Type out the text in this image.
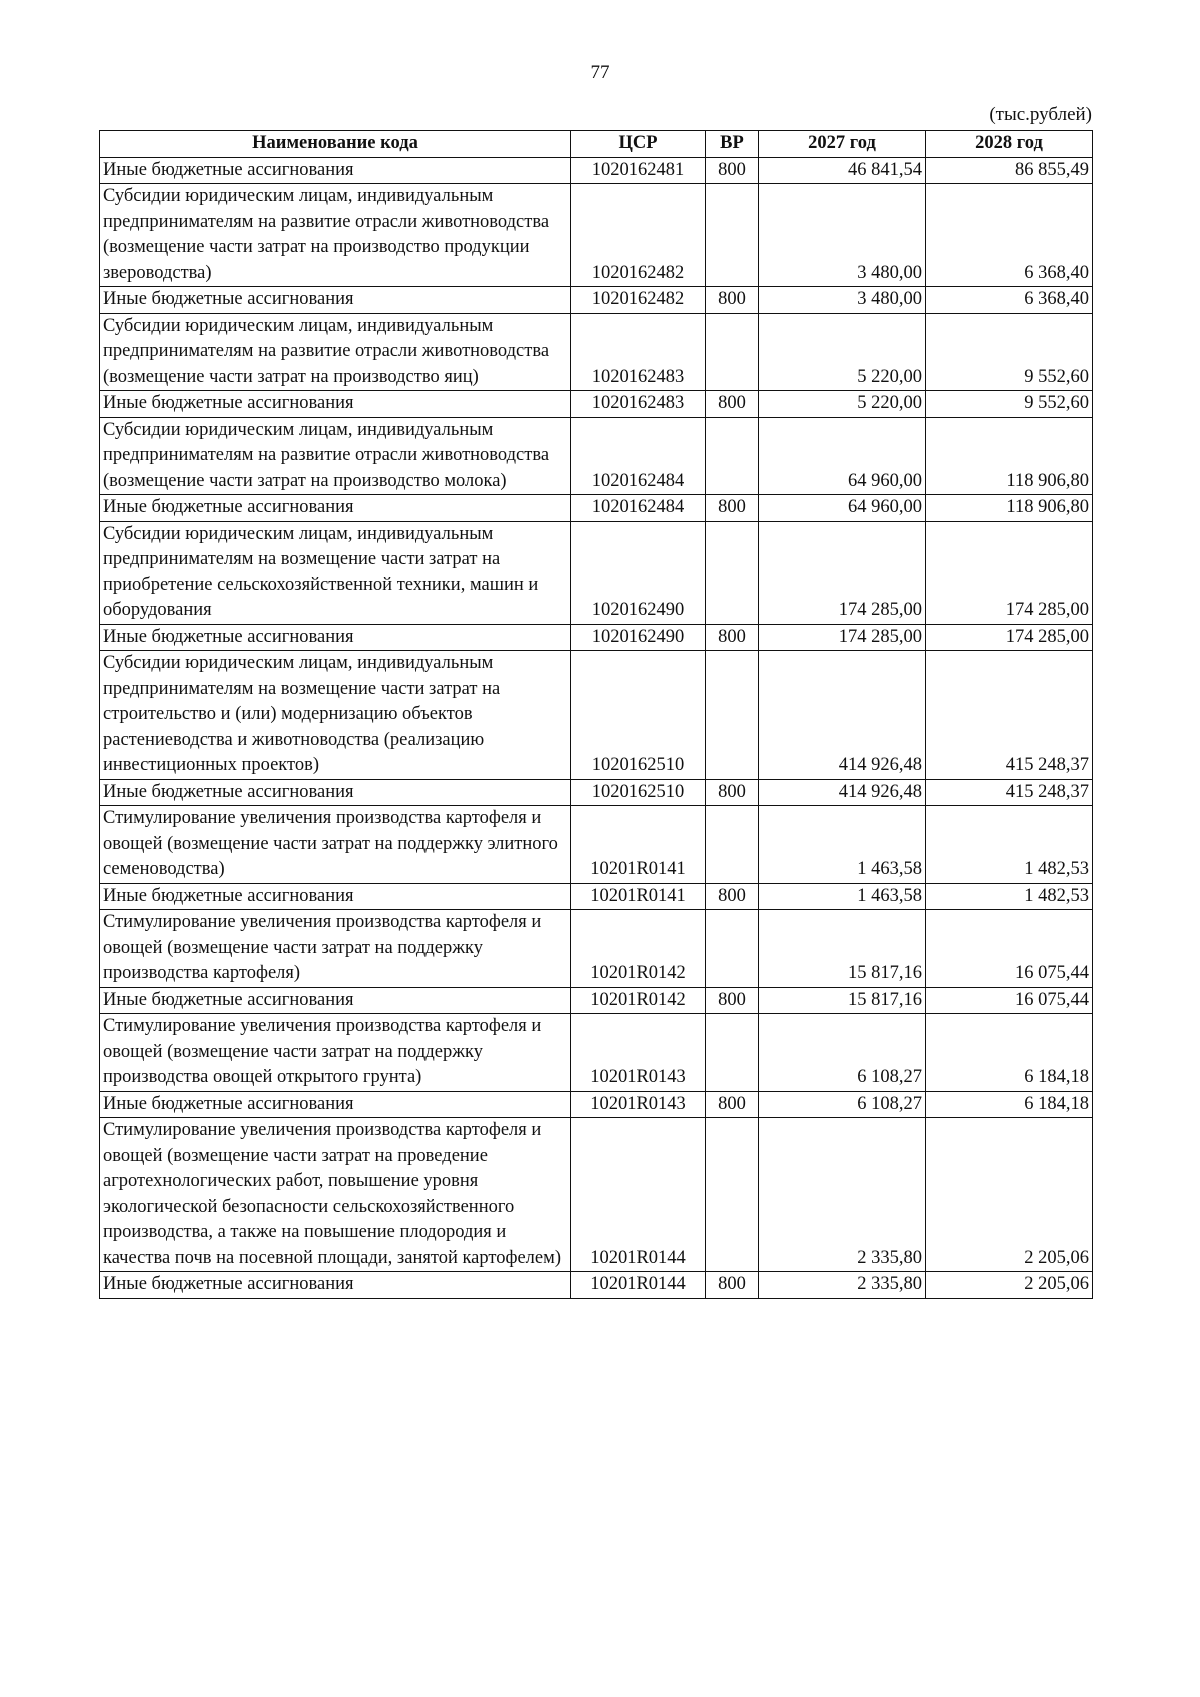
77
(тыс.рублей)
Наименование кода	ЦСР	ВР	2027 год	2028 год
Иные бюджетные ассигнования	1020162481	800	46 841,54	86 855,49
Субсидии юридическим лицам, индивидуальным предпринимателям на развитие отрасли животноводства (возмещение части затрат на производство продукции звероводства)	1020162482		3 480,00	6 368,40
Иные бюджетные ассигнования	1020162482	800	3 480,00	6 368,40
Субсидии юридическим лицам, индивидуальным предпринимателям на развитие отрасли животноводства (возмещение части затрат на производство яиц)	1020162483		5 220,00	9 552,60
Иные бюджетные ассигнования	1020162483	800	5 220,00	9 552,60
Субсидии юридическим лицам, индивидуальным предпринимателям на развитие отрасли животноводства (возмещение части затрат на производство молока)	1020162484		64 960,00	118 906,80
Иные бюджетные ассигнования	1020162484	800	64 960,00	118 906,80
Субсидии юридическим лицам, индивидуальным предпринимателям на возмещение части затрат на приобретение сельскохозяйственной техники, машин и оборудования	1020162490		174 285,00	174 285,00
Иные бюджетные ассигнования	1020162490	800	174 285,00	174 285,00
Субсидии юридическим лицам, индивидуальным предпринимателям на возмещение части затрат на строительство и (или) модернизацию объектов растениеводства и животноводства (реализацию инвестиционных проектов)	1020162510		414 926,48	415 248,37
Иные бюджетные ассигнования	1020162510	800	414 926,48	415 248,37
Стимулирование увеличения производства картофеля и овощей (возмещение части затрат на поддержку элитного семеноводства)	10201R0141		1 463,58	1 482,53
Иные бюджетные ассигнования	10201R0141	800	1 463,58	1 482,53
Стимулирование увеличения производства картофеля и овощей (возмещение части затрат на поддержку производства картофеля)	10201R0142		15 817,16	16 075,44
Иные бюджетные ассигнования	10201R0142	800	15 817,16	16 075,44
Стимулирование увеличения производства картофеля и овощей (возмещение части затрат на поддержку производства овощей открытого грунта)	10201R0143		6 108,27	6 184,18
Иные бюджетные ассигнования	10201R0143	800	6 108,27	6 184,18
Стимулирование увеличения производства картофеля и овощей (возмещение части затрат на проведение агротехнологических работ, повышение уровня экологической безопасности сельскохозяйственного производства, а также на повышение плодородия и качества почв на посевной площади, занятой картофелем)	10201R0144		2 335,80	2 205,06
Иные бюджетные ассигнования	10201R0144	800	2 335,80	2 205,06
